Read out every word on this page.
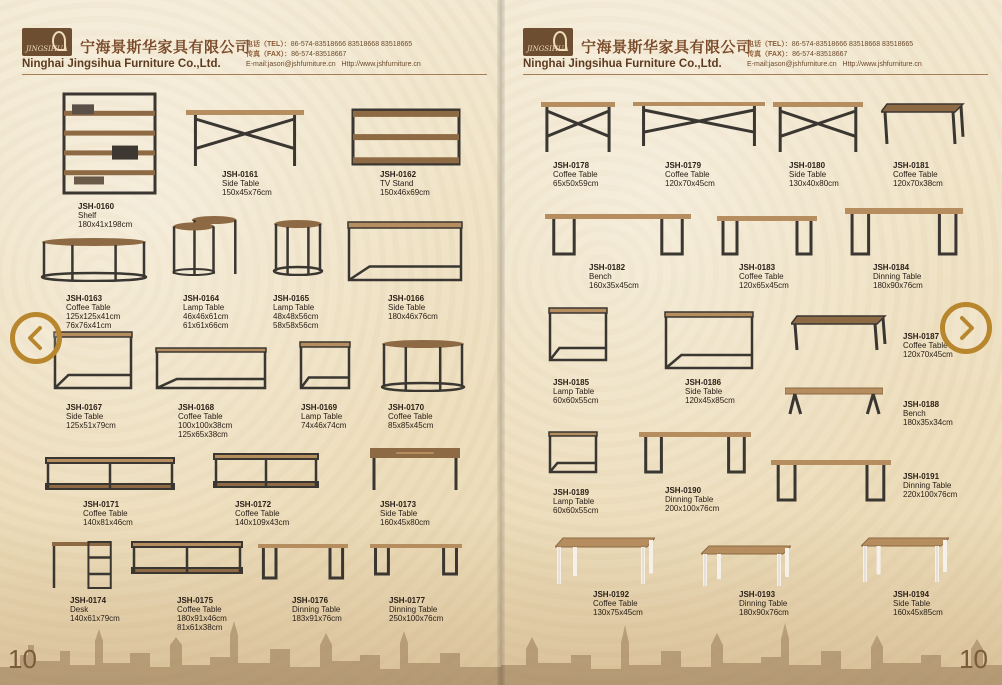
JINGSIHUA 宁海景斯华家具有限公司
Ninghai Jingsihua Furniture Co.,Ltd.
电话（TEL）：86-574-83518666 83518668 83518665
传真（FAX）：86-574-83518667
E-mail:jason@jshfurniture.cn Http://www.jshfurniture.cn
JSH-0160
Shelf
180x41x198cm
JSH-0161
Side Table
150x45x76cm
JSH-0162
TV Stand
150x46x69cm
JSH-0163
Coffee Table
125x125x41cm
76x76x41cm
JSH-0164
Lamp Table
46x46x61cm
61x61x66cm
JSH-0165
Lamp Table
48x48x56cm
58x58x56cm
JSH-0166
Side Table
180x46x76cm
JSH-0167
Side Table
125x51x79cm
JSH-0168
Coffee Table
100x100x38cm
125x65x38cm
JSH-0169
Lamp Table
74x46x74cm
JSH-0170
Coffee Table
85x85x45cm
JSH-0171
Coffee Table
140x81x46cm
JSH-0172
Coffee Table
140x109x43cm
JSH-0173
Side Table
160x45x80cm
JSH-0174
Desk
140x61x79cm
JSH-0175
Coffee Table
180x91x46cm
81x61x38cm
JSH-0176
Dinning Table
183x91x76cm
JSH-0177
Dinning Table
250x100x76cm
10
JINGSIHUA 宁海景斯华家具有限公司
Ninghai Jingsihua Furniture Co.,Ltd.
电话（TEL）：86-574-83518666 83518668 83518665
传真（FAX）：86-574-83518667
E-mail:jason@jshfurniture.cn Http://www.jshfurniture.cn
JSH-0178
Coffee Table
65x50x59cm
JSH-0179
Coffee Table
120x70x45cm
JSH-0180
Side Table
130x40x80cm
JSH-0181
Coffee Table
120x70x38cm
JSH-0182
Bench
160x35x45cm
JSH-0183
Coffee Table
120x65x45cm
JSH-0184
Dinning Table
180x90x76cm
JSH-0185
Lamp Table
60x60x55cm
JSH-0186
Side Table
120x45x85cm
JSH-0187
Coffee Table
120x70x45cm
JSH-0188
Bench
180x35x34cm
JSH-0189
Lamp Table
60x60x55cm
JSH-0190
Dinning Table
200x100x76cm
JSH-0191
Dinning Table
220x100x76cm
JSH-0192
Coffee Table
130x75x45cm
JSH-0193
Dinning Table
180x90x76cm
JSH-0194
Side Table
160x45x85cm
10
